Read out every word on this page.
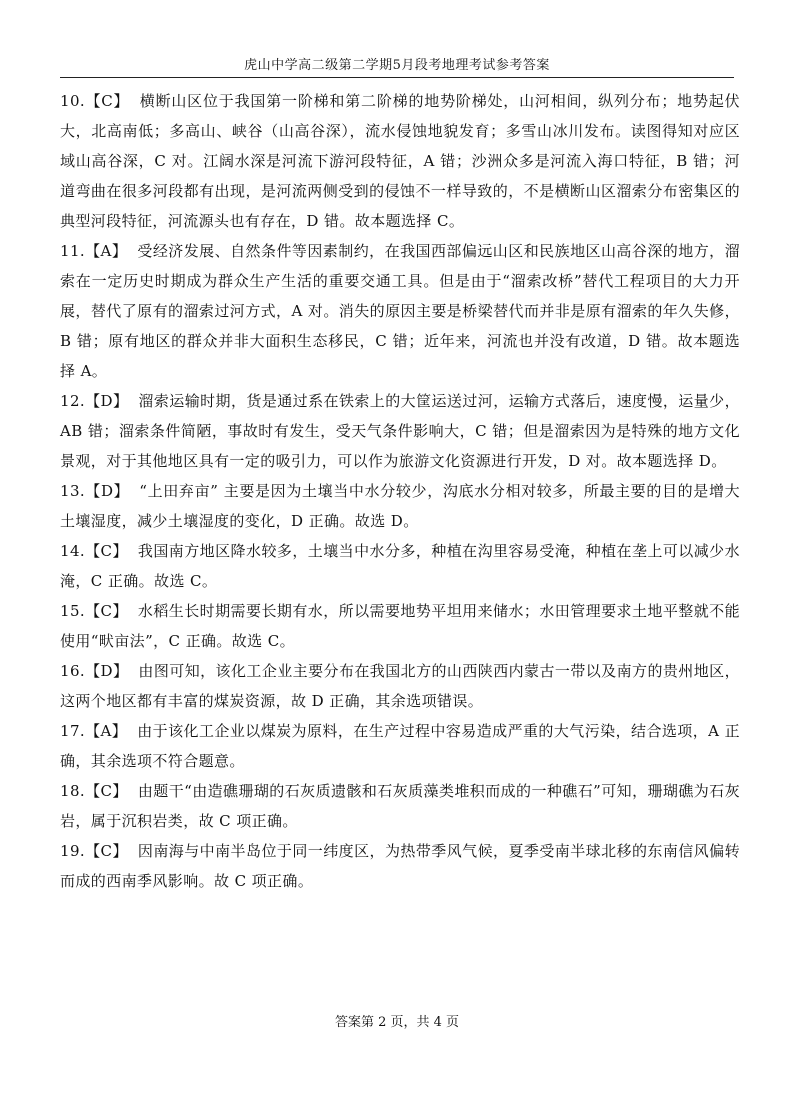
虎山中学高二级第二学期5月段考地理考试参考答案
10.【C】 横断山区位于我国第一阶梯和第二阶梯的地势阶梯处，山河相间，纵列分布；地势起伏大，北高南低；多高山、峡谷（山高谷深），流水侵蚀地貌发育；多雪山冰川发布。读图得知对应区域山高谷深，C 对。江阔水深是河流下游河段特征，A 错；沙洲众多是河流入海口特征，B 错；河道弯曲在很多河段都有出现，是河流两侧受到的侵蚀不一样导致的，不是横断山区溜索分布密集区的典型河段特征，河流源头也有存在，D 错。故本题选择 C。
11.【A】 受经济发展、自然条件等因素制约，在我国西部偏远山区和民族地区山高谷深的地方，溜索在一定历史时期成为群众生产生活的重要交通工具。但是由于“溜索改桥”替代工程项目的大力开展，替代了原有的溜索过河方式，A 对。消失的原因主要是桥梁替代而并非是原有溜索的年久失修，B 错；原有地区的群众并非大面积生态移民，C 错；近年来，河流也并没有改道，D 错。故本题选择 A。
12.【D】 溜索运输时期，货是通过系在铁索上的大筐运送过河，运输方式落后，速度慢，运量少，AB 错；溜索条件简陋，事故时有发生，受天气条件影响大，C 错；但是溜索因为是特殊的地方文化景观，对于其他地区具有一定的吸引力，可以作为旅游文化资源进行开发，D 对。故本题选择 D。
13.【D】 “上田弃亩” 主要是因为土壤当中水分较少，沟底水分相对较多，所最主要的目的是增大土壤湿度，减少土壤湿度的变化，D 正确。故选 D。
14.【C】 我国南方地区降水较多，土壤当中水分多，种植在沟里容易受淹，种植在垄上可以减少水淹，C 正确。故选 C。
15.【C】 水稻生长时期需要长期有水，所以需要地势平坦用来储水；水田管理要求土地平整就不能使用“畎亩法”，C 正确。故选 C。
16.【D】 由图可知，该化工企业主要分布在我国北方的山西陕西内蒙古一带以及南方的贵州地区，这两个地区都有丰富的煤炭资源，故 D 正确，其余选项错误。
17.【A】 由于该化工企业以煤炭为原料，在生产过程中容易造成严重的大气污染，结合选项，A 正确，其余选项不符合题意。
18.【C】 由题干“由造礁珊瑚的石灰质遗骸和石灰质藻类堆积而成的一种礁石”可知，珊瑚礁为石灰岩，属于沉积岩类，故 C 项正确。
19.【C】 因南海与中南半岛位于同一纬度区，为热带季风气候，夏季受南半球北移的东南信风偏转而成的西南季风影响。故 C 项正确。
答案第 2 页，共 4 页
